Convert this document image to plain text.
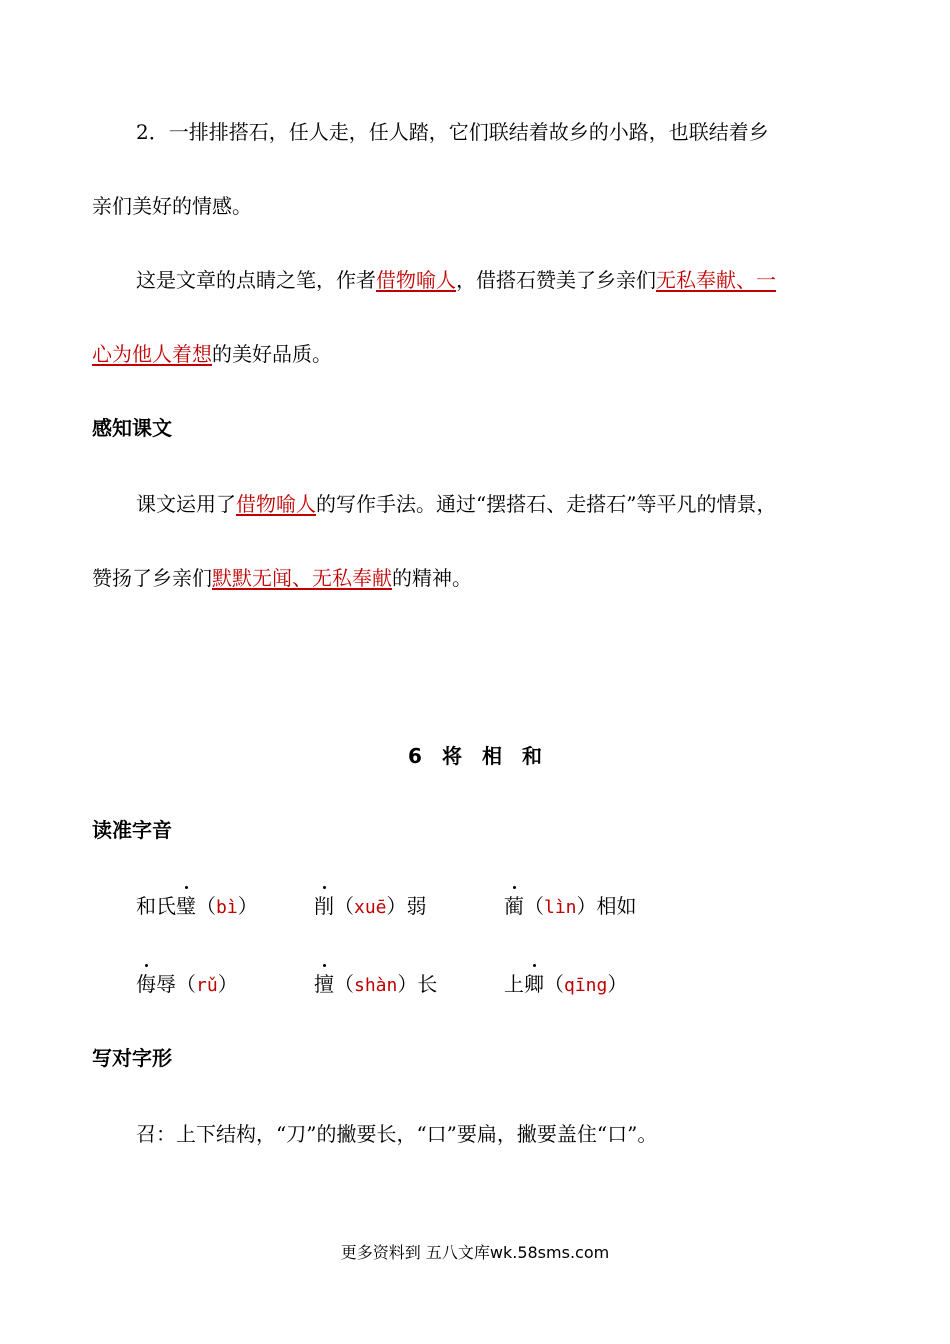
2．一排排搭石，任人走，任人踏，它们联结着故乡的小路，也联结着乡
亲们美好的情感。
这是文章的点睛之笔，作者借物喻人，借搭石赞美了乡亲们无私奉献、一
心为他人着想的美好品质。
感知课文
课文运用了借物喻人的写作手法。通过“摆搭石、走搭石”等平凡的情景，
赞扬了乡亲们默默无闻、无私奉献的精神。
6 将 相 和
读准字音
和氏璧（bì）	削（xuē）弱	蔺（lìn）相如
侮辱（rǔ）	擅（shàn）长	上卿（qīng）
写对字形
召：上下结构，“刀”的撇要长，“口”要扁，撇要盖住“口”。
更多资料到 五八文库wk.58sms.com
